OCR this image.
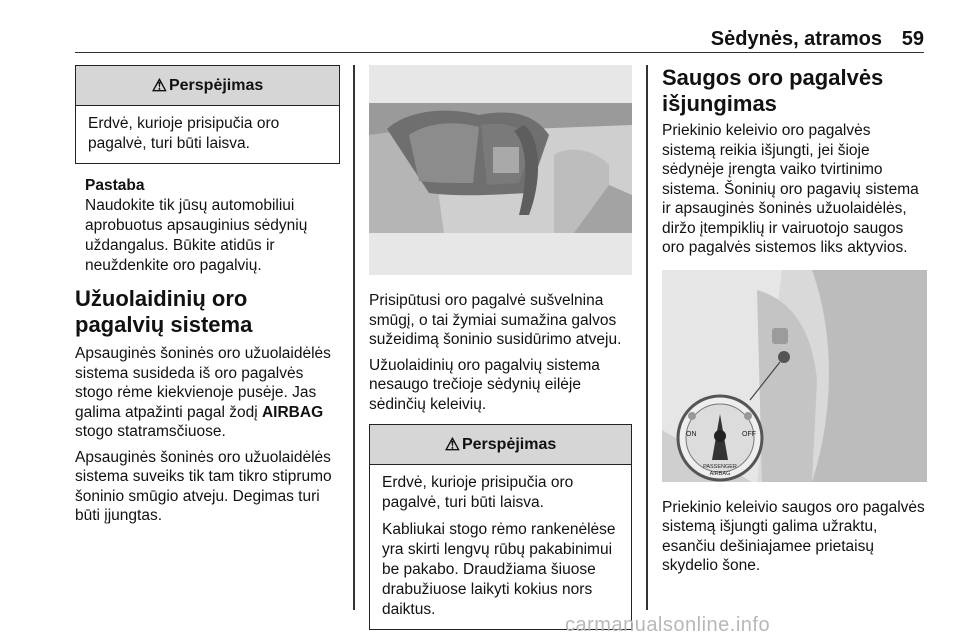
Sėdynės, atramos 59
⚠ Perspėjimas

Erdvė, kurioje prisipučia oro pagalvė, turi būti laisva.

Pastaba
Naudokite tik jūsų automobiliui aprobuotus apsauginius sėdynių uždangalus. Būkite atidūs ir neuždenkite oro pagalvių.
Užuolaidinių oro pagalvių sistema

Apsauginės šoninės oro užuolaidėlės sistema susideda iš oro pagalvės stogo rėme kiekvienoje pusėje. Jas galima atpažinti pagal žodį AIRBAG stogo statramsčiuose.

Apsauginės šoninės oro užuolaidėlės sistema suveiks tik tam tikro stiprumo šoninio smūgio atveju. Degimas turi būti įjungtas.

Prisipūtusi oro pagalvė sušvelnina smūgį, o tai žymiai sumažina galvos sužeidimą šoninio susidūrimo atveju.

Užuolaidinių oro pagalvių sistema nesaugo trečioje sėdynių eilėje sėdinčių keleivių.

⚠ Perspėjimas

Erdvė, kurioje prisipučia oro pagalvė, turi būti laisva.

Kabliukai stogo rėmo rankenėlėse yra skirti lengvų rūbų pakabinimui be pakabo. Draudžiama šiuose drabužiuose laikyti kokius nors daiktus.

Saugos oro pagalvės išjungimas

Priekinio keleivio oro pagalvės sistemą reikia išjungti, jei šioje sėdynėje įrengta vaiko tvirtinimo sistema. Šoninių oro pagavių sistema ir apsauginės šoninės užuolaidėlės, diržo įtempiklių ir vairuotojo saugos oro pagalvės sistemos liks aktyvios.

ON	OFF
PASSENGER
AIRBAG

Priekinio keleivio saugos oro pagalvės sistemą išjungti galima užraktu, esančiu dešiniajamee prietaisų skydelio šone.

carmanualsonline.info
